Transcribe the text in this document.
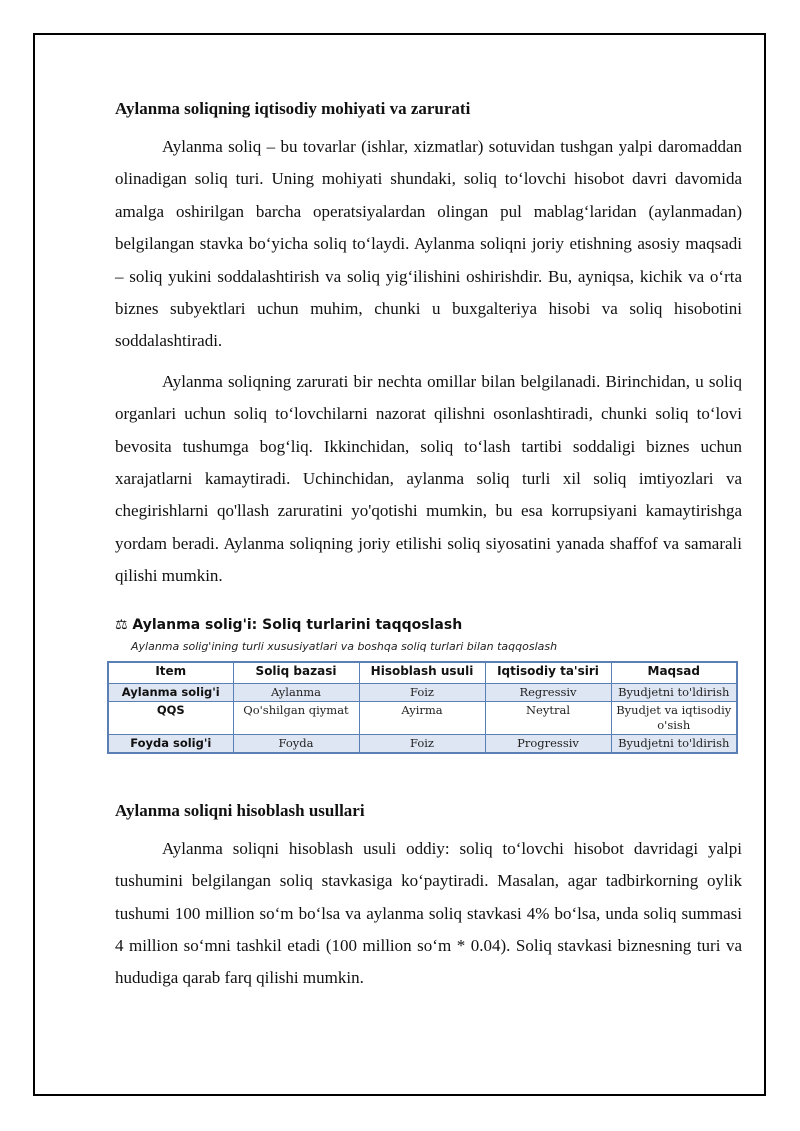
Aylanma soliqning iqtisodiy mohiyati va zarurati

Aylanma soliq – bu tovarlar (ishlar, xizmatlar) sotuvidan tushgan yalpi daromaddan olinadigan soliq turi. Uning mohiyati shundaki, soliq to‘lovchi hisobot davri davomida amalga oshirilgan barcha operatsiyalardan olingan pul mablag‘laridan (aylanmadan) belgilangan stavka bo‘yicha soliq to‘laydi. Aylanma soliqni joriy etishning asosiy maqsadi – soliq yukini soddalashtirish va soliq yig‘ilishini oshirishdir. Bu, ayniqsa, kichik va o‘rta biznes subyektlari uchun muhim, chunki u buxgalteriya hisobi va soliq hisobotini soddalashtiradi.

Aylanma soliqning zarurati bir nechta omillar bilan belgilanadi. Birinchidan, u soliq organlari uchun soliq to‘lovchilarni nazorat qilishni osonlashtiradi, chunki soliq to‘lovi bevosita tushumga bog‘liq. Ikkinchidan, soliq to‘lash tartibi soddaligi biznes uchun xarajatlarni kamaytiradi. Uchinchidan, aylanma soliq turli xil soliq imtiyozlari va chegirishlarni qo'llash zaruratini yo'qotishi mumkin, bu esa korrupsiyani kamaytirishga yordam beradi. Aylanma soliqning joriy etilishi soliq siyosatini yanada shaffof va samarali qilishi mumkin.

⚖ Aylanma solig'i: Soliq turlarini taqqoslash
Aylanma solig'ining turli xususiyatlari va boshqa soliq turlari bilan taqqoslash
Item	Soliq bazasi	Hisoblash usuli	Iqtisodiy ta'siri	Maqsad
Aylanma solig'i	Aylanma	Foiz	Regressiv	Byudjetni to'ldirish
QQS	Qo'shilgan qiymat	Ayirma	Neytral	Byudjet va iqtisodiy o'sish
Foyda solig'i	Foyda	Foiz	Progressiv	Byudjetni to'ldirish
Aylanma soliqni hisoblash usullari

Aylanma soliqni hisoblash usuli oddiy: soliq to‘lovchi hisobot davridagi yalpi tushumini belgilangan soliq stavkasiga ko‘paytiradi. Masalan, agar tadbirkorning oylik tushumi 100 million so‘m bo‘lsa va aylanma soliq stavkasi 4% bo‘lsa, unda soliq summasi 4 million so‘mni tashkil etadi (100 million so‘m * 0.04). Soliq stavkasi biznesning turi va hududiga qarab farq qilishi mumkin.
